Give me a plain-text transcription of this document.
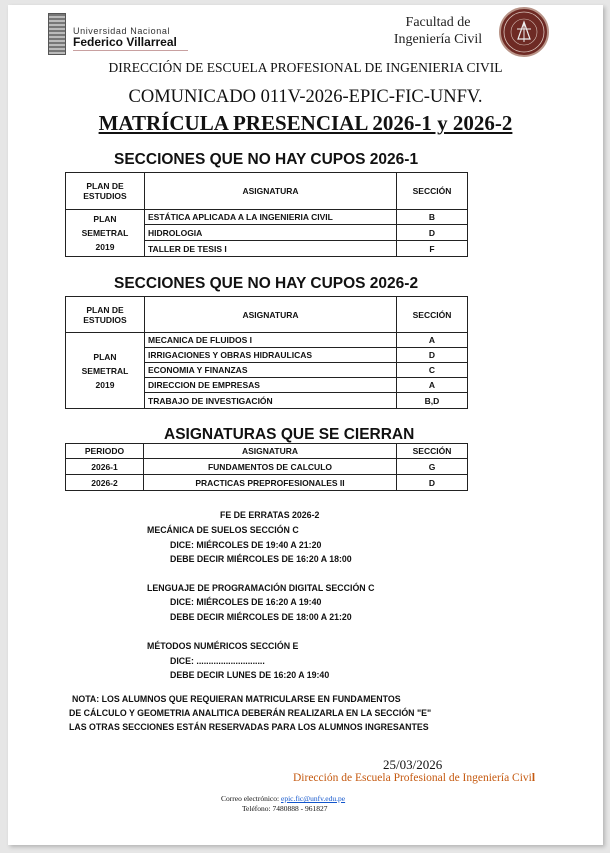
Universidad Nacional
Federico Villarreal
Facultad de
Ingeniería Civil
DIRECCIÓN DE ESCUELA PROFESIONAL DE INGENIERIA CIVIL
COMUNICADO 011V-2026-EPIC-FIC-UNFV.
MATRÍCULA PRESENCIAL 2026-1 y 2026-2
SECCIONES QUE NO HAY CUPOS 2026-1
PLAN DE ESTUDIOS	ASIGNATURA	SECCIÓN

PLAN
SEMETRAL
2019	ESTÁTICA APLICADA A LA INGENIERIA CIVIL	B
	HIDROLOGIA	D
	TALLER DE TESIS I	F
SECCIONES QUE NO HAY CUPOS 2026-2
PLAN DE ESTUDIOS	ASIGNATURA	SECCIÓN

PLAN
SEMETRAL
2019	MECANICA DE FLUIDOS I	A
	IRRIGACIONES Y OBRAS HIDRAULICAS	D
	ECONOMIA Y FINANZAS	C
	DIRECCION DE EMPRESAS	A
	TRABAJO DE INVESTIGACIÓN	B,D
ASIGNATURAS QUE SE CIERRAN
PERIODO	ASIGNATURA	SECCIÓN
2026-1	FUNDAMENTOS DE CALCULO	G
2026-2	PRACTICAS PREPROFESIONALES II	D
FE DE ERRATAS 2026-2
MECÁNICA DE SUELOS SECCIÓN C
DICE: MIÉRCOLES DE 19:40 A 21:20
DEBE DECIR MIÉRCOLES DE 16:20 A 18:00
LENGUAJE DE PROGRAMACIÓN DIGITAL SECCIÓN C
DICE: MIÉRCOLES DE 16:20 A 19:40
DEBE DECIR MIÉRCOLES DE 18:00 A 21:20
MÉTODOS NUMÉRICOS SECCIÓN E
DICE: ............................
DEBE DECIR LUNES DE 16:20 A 19:40
NOTA: LOS ALUMNOS QUE REQUIERAN MATRICULARSE EN FUNDAMENTOS
DE CÁLCULO Y GEOMETRIA ANALITICA DEBERÁN REALIZARLA EN LA SECCIÓN "E"
LAS OTRAS SECCIONES ESTÁN RESERVADAS PARA LOS ALUMNOS INGRESANTES
25/03/2026
Dirección de Escuela Profesional de Ingeniería Civil
Correo electrónico: epic.fic@unfv.edu.pe
Teléfono: 7480888 - 961827
